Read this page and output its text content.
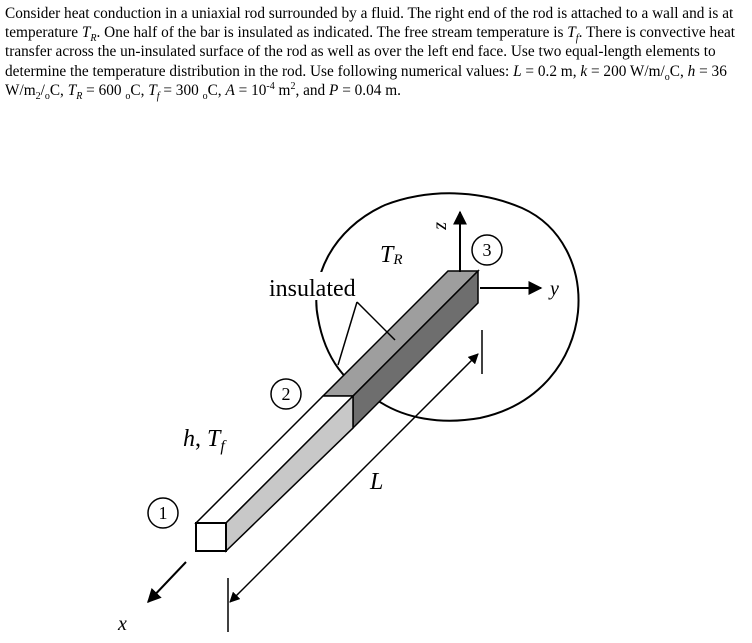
Consider heat conduction in a uniaxial rod surrounded by a fluid. The right end of the rod is attached to a wall and is at temperature $T_R$. One half of the bar is insulated as indicated. The free stream temperature is $T_f$. There is convective heat transfer across the un-insulated surface of the rod as well as over the left end face. Use two equal-length elements to determine the temperature distribution in the rod. Use following numerical values: L = 0.2 m, k = 200 $W/m/_oC$, h = 36 $W/m_2/_oC$, $T_R = 600$ $_o$C, $T_f = 300$ $_o$C, $A = 10^{-4}$ $m^2$, and P = 0.04 m.
1
2
3
insulated
TR
h, $T_f$
L
x
y
z
